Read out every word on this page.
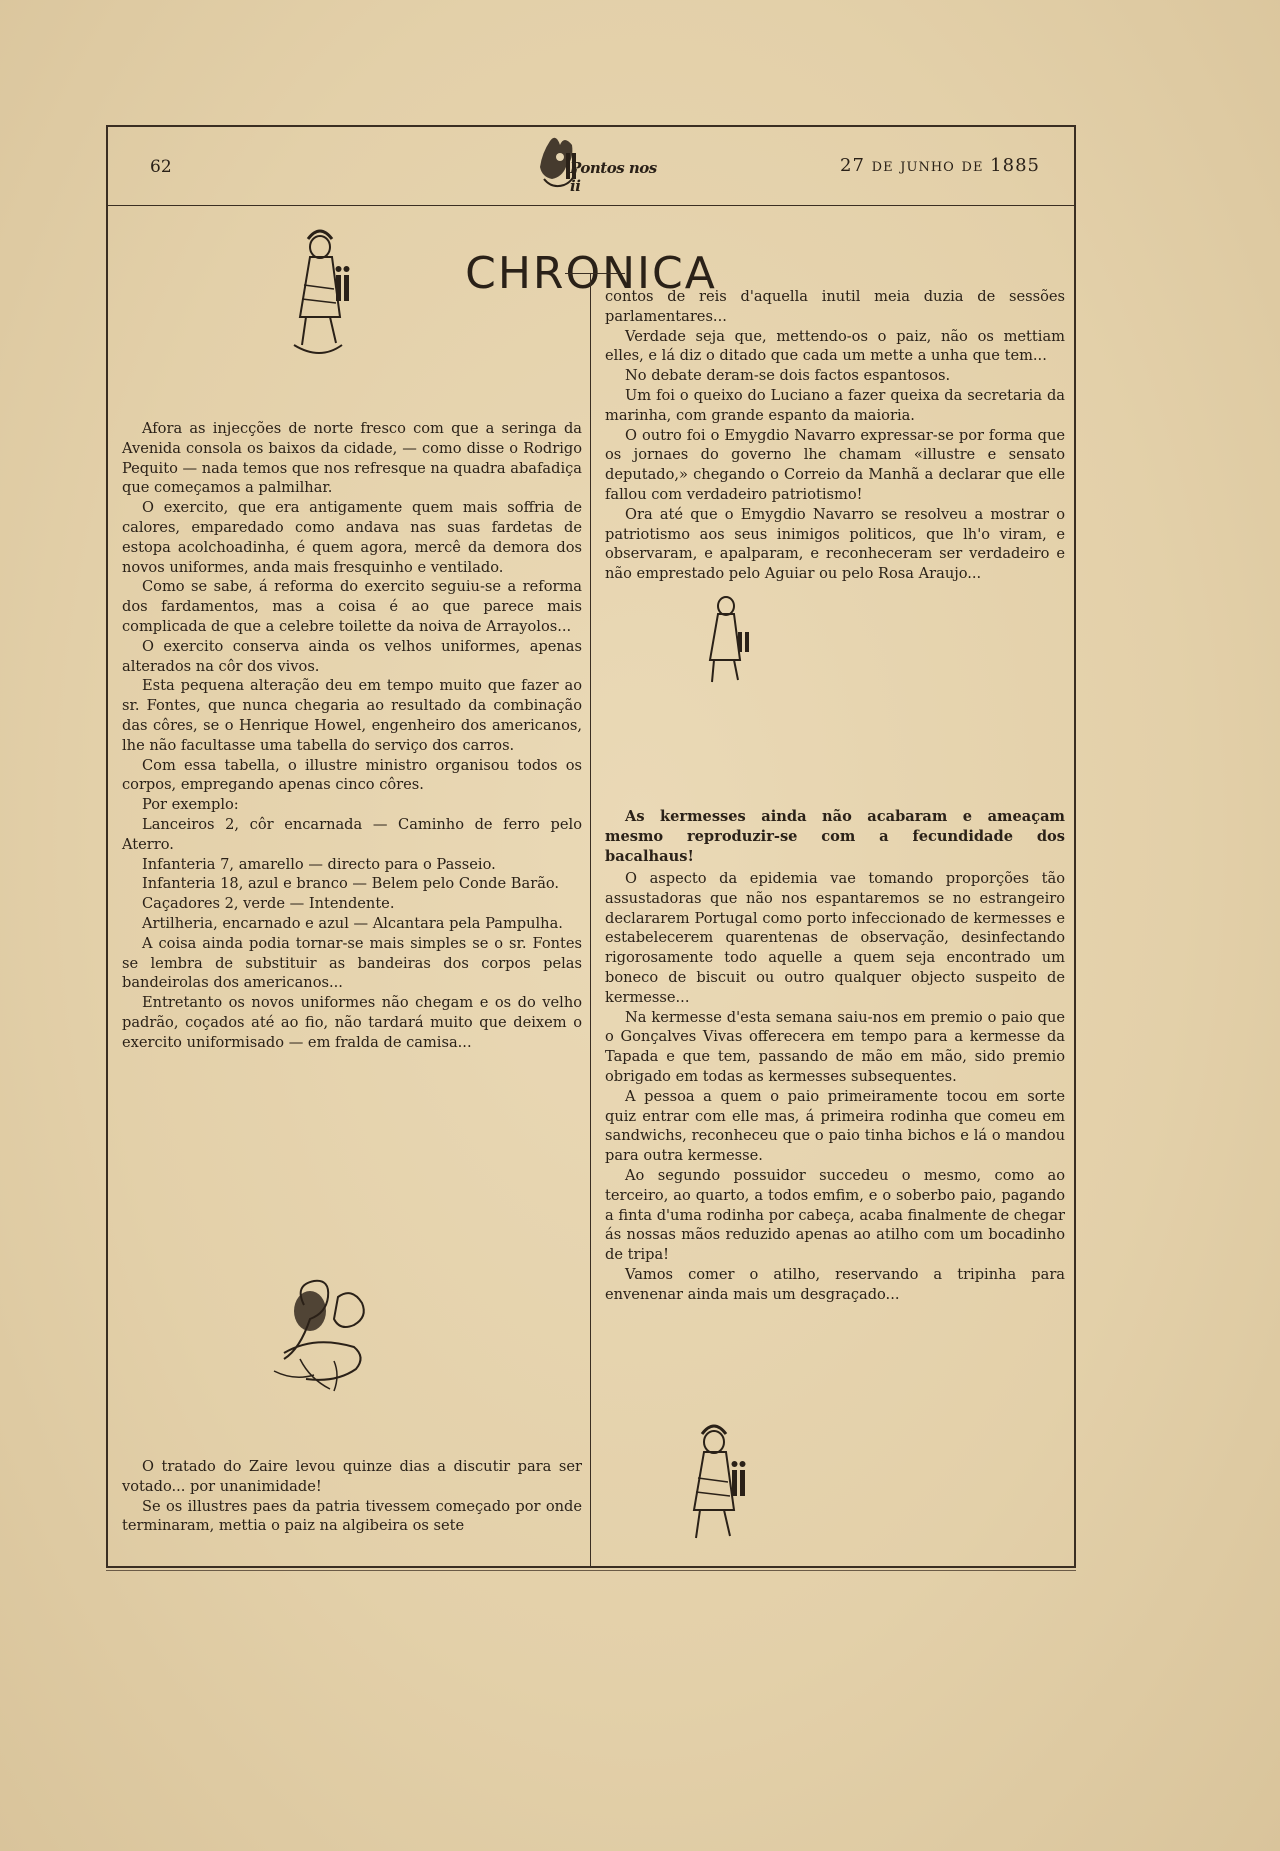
62	Pontos nos ii
27 de junho de 1885
CHRONICA

Afora as injecções de norte fresco com que a seringa da Avenida consola os baixos da cidade, — como disse o Rodrigo Pequito — nada temos que nos refresque na quadra abafadiça que começamos a palmilhar.

O exercito, que era antigamente quem mais soffria de calores, emparedado como andava nas suas fardetas de estopa acolchoadinha, é quem agora, mercê da demora dos novos uniformes, anda mais fresquinho e ventilado.

Como se sabe, á reforma do exercito seguiu-se a reforma dos fardamentos, mas a coisa é ao que parece mais complicada de que a celebre toilette da noiva de Arrayolos...

O exercito conserva ainda os velhos uniformes, apenas alterados na côr dos vivos.

Esta pequena alteração deu em tempo muito que fazer ao sr. Fontes, que nunca chegaria ao resultado da combinação das côres, se o Henrique Howel, engenheiro dos americanos, lhe não facultasse uma tabella do serviço dos carros.

Com essa tabella, o illustre ministro organisou todos os corpos, empregando apenas cinco côres.

Por exemplo:

Lanceiros 2, côr encarnada — Caminho de ferro pelo Aterro.

Infanteria 7, amarello — directo para o Passeio.

Infanteria 18, azul e branco — Belem pelo Conde Barão.

Caçadores 2, verde — Intendente.

Artilheria, encarnado e azul — Alcantara pela Pampulha.

A coisa ainda podia tornar-se mais simples se o sr. Fontes se lembra de substituir as bandeiras dos corpos pelas bandeirolas dos americanos...

Entretanto os novos uniformes não chegam e os do velho padrão, coçados até ao fio, não tardará muito que deixem o exercito uniformisado — em fralda de camisa...

O tratado do Zaire levou quinze dias a discutir para ser votado... por unanimidade!

Se os illustres paes da patria tivessem começado por onde terminaram, mettia o paiz na algibeira os sete

contos de reis d'aquella inutil meia duzia de sessões parlamentares...

Verdade seja que, mettendo-os o paiz, não os mettiam elles, e lá diz o ditado que cada um mette a unha que tem...

No debate deram-se dois factos espantosos.

Um foi o queixo do Luciano a fazer queixa da secretaria da marinha, com grande espanto da maioria.

O outro foi o Emygdio Navarro expressar-se por forma que os jornaes do governo lhe chamam «illustre e sensato deputado,» chegando o Correio da Manhã a declarar que elle fallou com verdadeiro patriotismo!

Ora até que o Emygdio Navarro se resolveu a mostrar o patriotismo aos seus inimigos politicos, que lh'o viram, e observaram, e apalparam, e reconheceram ser verdadeiro e não emprestado pelo Aguiar ou pelo Rosa Araujo...

As kermesses ainda não acabaram e ameaçam mesmo reproduzir-se com a fecundidade dos bacalhaus!

O aspecto da epidemia vae tomando proporções tão assustadoras que não nos espantaremos se no estrangeiro declararem Portugal como porto infeccionado de kermesses e estabelecerem quarentenas de observação, desinfectando rigorosamente todo aquelle a quem seja encontrado um boneco de biscuit ou outro qualquer objecto suspeito de kermesse...

Na kermesse d'esta semana saiu-nos em premio o paio que o Gonçalves Vivas offerecera em tempo para a kermesse da Tapada e que tem, passando de mão em mão, sido premio obrigado em todas as kermesses subsequentes.

A pessoa a quem o paio primeiramente tocou em sorte quiz entrar com elle mas, á primeira rodinha que comeu em sandwichs, reconheceu que o paio tinha bichos e lá o mandou para outra kermesse.

Ao segundo possuidor succedeu o mesmo, como ao terceiro, ao quarto, a todos emfim, e o soberbo paio, pagando a finta d'uma rodinha por cabeça, acaba finalmente de chegar ás nossas mãos reduzido apenas ao atilho com um bocadinho de tripa!

Vamos comer o atilho, reservando a tripinha para envenenar ainda mais um desgraçado...
